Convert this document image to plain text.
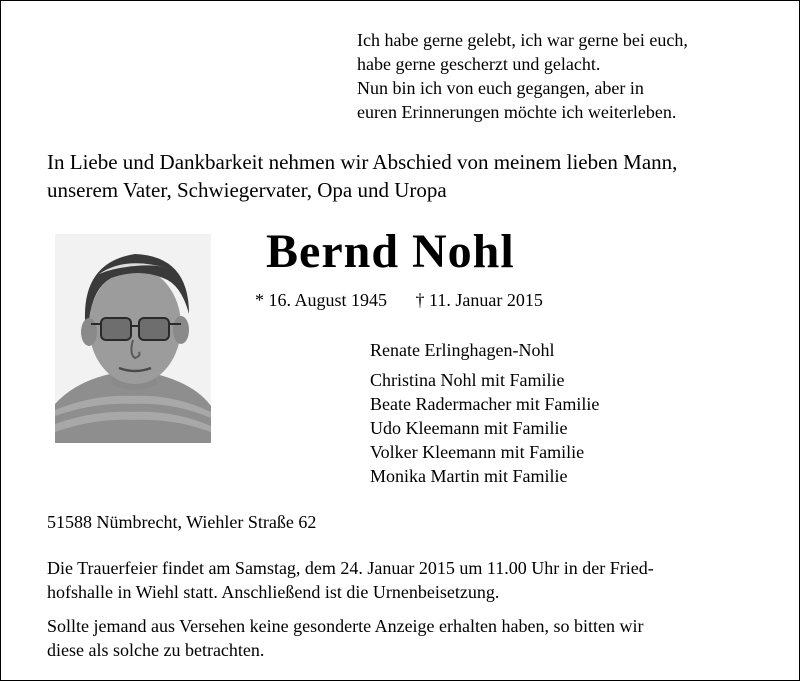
Ich habe gerne gelebt, ich war gerne bei euch,
habe gerne gescherzt und gelacht.
Nun bin ich von euch gegangen, aber in
euren Erinnerungen möchte ich weiterleben.
In Liebe und Dankbarkeit nehmen wir Abschied von meinem lieben Mann,
unserem Vater, Schwiegervater, Opa und Uropa
Bernd Nohl
* 16. August 1945 † 11. Januar 2015
Renate Erlinghagen-Nohl
Christina Nohl mit Familie
Beate Radermacher mit Familie
Udo Kleemann mit Familie
Volker Kleemann mit Familie
Monika Martin mit Familie
51588 Nümbrecht, Wiehler Straße 62
Die Trauerfeier findet am Samstag, dem 24. Januar 2015 um 11.00 Uhr in der Fried-
hofshalle in Wiehl statt. Anschließend ist die Urnenbeisetzung.
Sollte jemand aus Versehen keine gesonderte Anzeige erhalten haben, so bitten wir
diese als solche zu betrachten.
